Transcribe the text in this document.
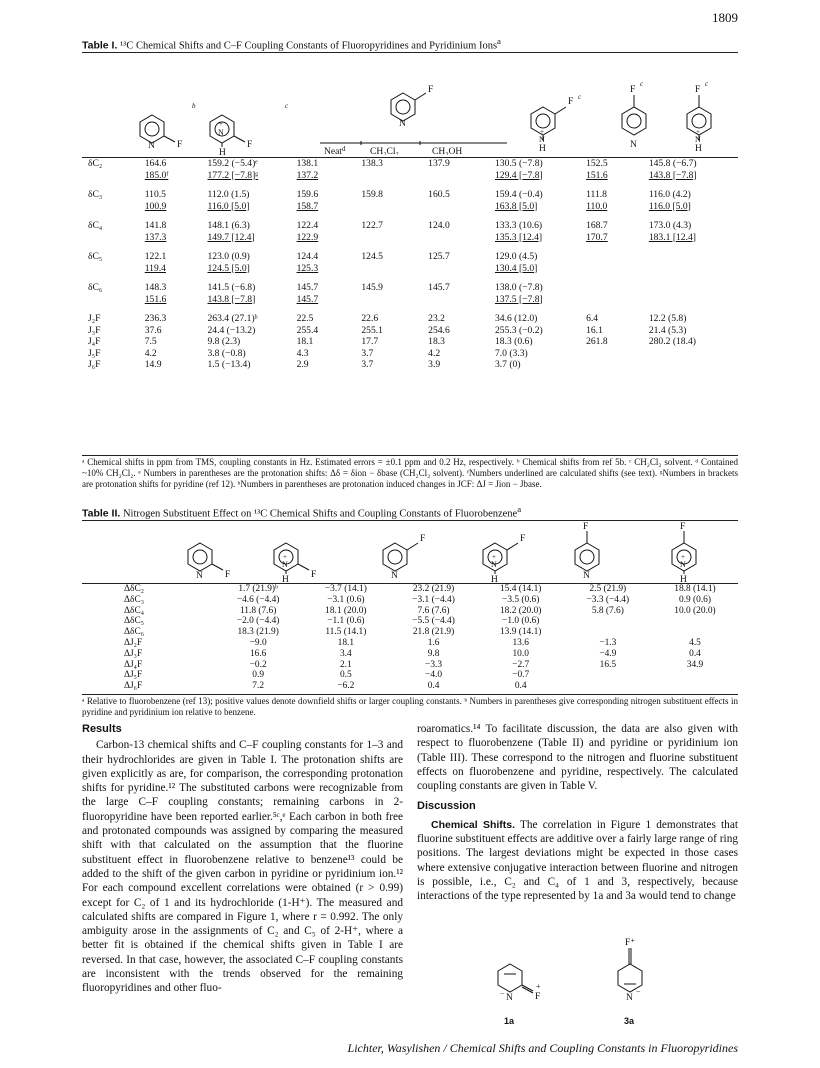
1809
Table I. ¹³C Chemical Shifts and C–F Coupling Constants of Fluoropyridines and Pyridinium Ions$^a$
N F
b
N
+
H
F
c
N
F
N
+
H
F c
N
F
c
N
+
H
F
c
Neat$^d$	CH₂Cl₂	CH₃OH
δC₂	164.6	159.2 (−5.4)ᵉ	138.1	138.3	137.9	130.5 (−7.8)	152.5	145.8 (−6.7)
	185.0ᶠ	177.2 [−7.8]ᵍ	137.2			129.4 [−7.8]	151.6	143.8 [−7.8]

δC₃	110.5	112.0 (1.5)	159.6	159.8	160.5	159.4 (−0.4)	111.8	116.0 (4.2)
	100.9	116.0 [5.0]	158.7			163.8 [5.0]	110.0	116.0 [5.0]

δC₄	141.8	148.1 (6.3)	122.4	122.7	124.0	133.3 (10.6)	168.7	173.0 (4.3)
	137.3	149.7 [12.4]	122.9			135.3 [12.4]	170.7	183.1 [12.4]

δC₅	122.1	123.0 (0.9)	124.4	124.5	125.7	129.0 (4.5)		
	119.4	124.5 [5.0]	125.3			130.4 [5.0]		

δC₆	148.3	141.5 (−6.8)	145.7	145.9	145.7	138.0 (−7.8)		
	151.6	143.8 [−7.8]	145.7			137.5 [−7.8]		

J₂F	236.3	263.4 (27.1)ʰ	22.5	22.6	23.2	34.6 (12.0)	6.4	12.2 (5.8)
J₃F	37.6	24.4 (−13.2)	255.4	255.1	254.6	255.3 (−0.2)	16.1	21.4 (5.3)
J₄F	7.5	9.8 (2.3)	18.1	17.7	18.3	18.3 (0.6)	261.8	280.2 (18.4)
J₅F	4.2	3.8 (−0.8)	4.3	3.7	4.2	7.0 (3.3)		
J₆F	14.9	1.5 (−13.4)	2.9	3.7	3.9	3.7 (0)		
ᵃ Chemical shifts in ppm from TMS, coupling constants in Hz. Estimated errors = ±0.1 ppm and 0.2 Hz, respectively. ᵇ Chemical shifts from ref 5b. ᶜ CH₂Cl₂ solvent. ᵈ Contained ~10% CH₂Cl₂. ᵉ Numbers in parentheses are the protonation shifts: Δδ = δion − δbase (CH₂Cl₂ solvent). ᶠNumbers underlined are calculated shifts (see text). ᵍNumbers in brackets are protonation shifts for pyridine (ref 12). ʰNumbers in parentheses are protonation induced changes in JCF: ΔJ = Jion − Jbase.
Table II. Nitrogen Substituent Effect on ¹³C Chemical Shifts and Coupling Constants of Fluorobenzene$^a$
N F
N
+
H F	N
F
N
+
H
F
N
F
N
+
H
F
ΔδC₂	1.7 (21.9)ᵇ	−3.7 (14.1)	23.2 (21.9)	15.4 (14.1)	2.5 (21.9)	18.8 (14.1)
ΔδC₃	−4.6 (−4.4)	−3.1 (0.6)	−3.1 (−4.4)	−3.5 (0.6)	−3.3 (−4.4)	0.9 (0.6)
ΔδC₄	11.8 (7.6)	18.1 (20.0)	7.6 (7.6)	18.2 (20.0)	5.8 (7.6)	10.0 (20.0)
ΔδC₅	−2.0 (−4.4)	−1.1 (0.6)	−5.5 (−4.4)	−1.0 (0.6)		
ΔδC₆	18.3 (21.9)	11.5 (14.1)	21.8 (21.9)	13.9 (14.1)		
ΔJ₂F	−9.0	18.1	1.6	13.6	−1.3	4.5
ΔJ₃F	16.6	3.4	9.8	10.0	−4.9	0.4
ΔJ₄F	−0.2	2.1	−3.3	−2.7	16.5	34.9
ΔJ₅F	0.9	0.5	−4.0	−0.7		
ΔJ₆F	7.2	−6.2	0.4	0.4		
ᵃ Relative to fluorobenzene (ref 13); positive values denote downfield shifts or larger coupling constants. ᵇ Numbers in parentheses give corresponding nitrogen substituent effects in pyridine and pyridinium ion relative to benzene.

Results

Carbon-13 chemical shifts and C–F coupling constants for 1–3 and their hydrochlorides are given in Table I. The protonation shifts are given explicitly as are, for comparison, the corresponding protonation shifts for pyridine.¹² The substituted carbons were recognizable from the large C–F coupling constants; remaining carbons in 2-fluoropyridine have been reported earlier.⁵ᶜ,ᵉ Each carbon in both free and protonated compounds was assigned by comparing the measured shift with that calculated on the assumption that the fluorine substituent effect in fluorobenzene relative to benzene¹³ could be added to the shift of the given carbon in pyridine or pyridinium ion.¹² For each compound excellent correlations were obtained (r > 0.99) except for C₂ of 1 and its hydrochloride (1-H⁺). The measured and calculated shifts are compared in Figure 1, where r = 0.992. The only ambiguity arose in the assignments of C₂ and C₅ of 2-H⁺, where a better fit is obtained if the chemical shifts given in Table I are reversed. In that case, however, the associated C–F coupling constants are inconsistent with the trends observed for the remaining fluoropyridines and other fluo-

roaromatics.¹⁴ To facilitate discussion, the data are also given with respect to fluorobenzene (Table II) and pyridine or pyridinium ion (Table III). These correspond to the nitrogen and fluorine substituent effects on fluorobenzene and pyridine, respectively. The calculated coupling constants are given in Table V.

Discussion

Chemical Shifts. The correlation in Figure 1 demonstrates that fluorine substituent effects are additive over a fairly large range of ring positions. The largest deviations might be expected in those cases where extensive conjugative interaction between fluorine and nitrogen is possible, i.e., C₂ and C₄ of 1 and 3, respectively, because interactions of the type represented by 1a and 3a would tend to change

N
−	F
+
N
−
F⁺
1a	3a
Lichter, Wasylishen / Chemical Shifts and Coupling Constants in Fluoropyridines
